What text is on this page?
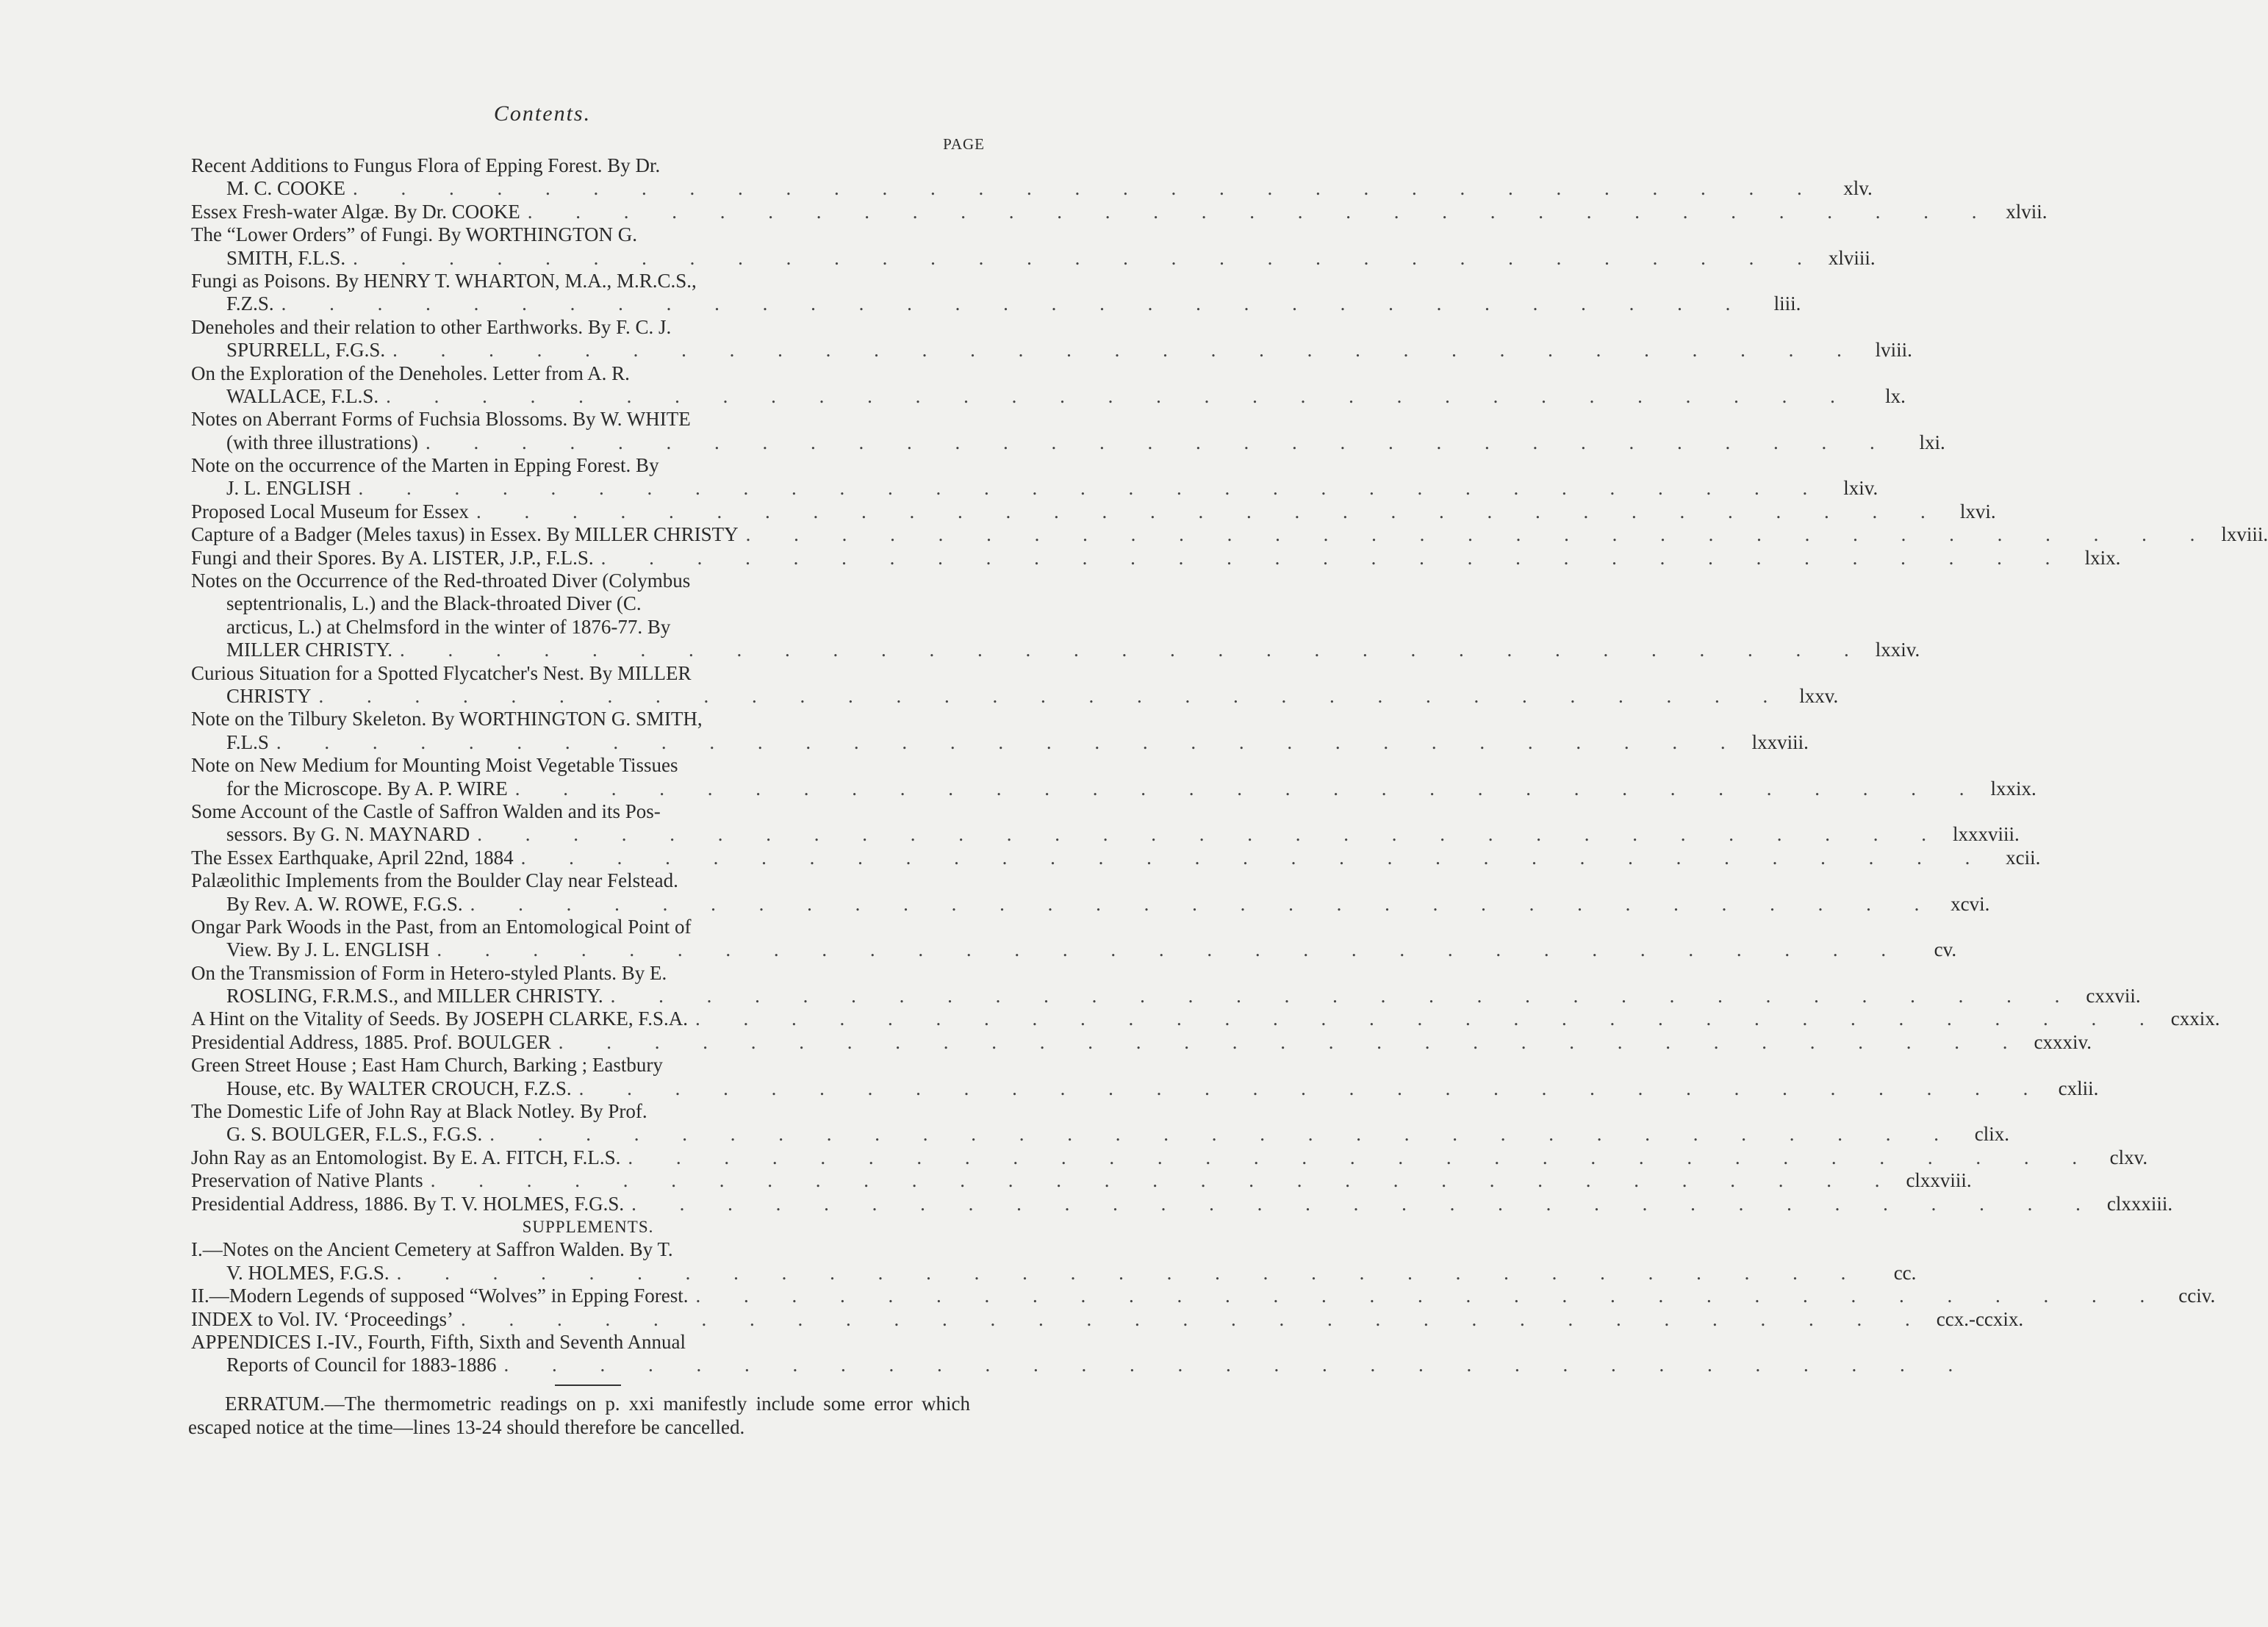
Contents.
PAGE
Recent Additions to Fungus Flora of Epping Forest. By Dr.
M. C. COOKE . . . . . . . . . . . . . . . . . . . . . . . . . . . . . . .	xlv.
Essex Fresh-water Algæ. By Dr. COOKE . . . . . . . . . . . . . . . . . . . . . . . . . . . . . . . xlvii.
The “Lower Orders” of Fungi. By WORTHINGTON G.
SMITH, F.L.S. . . . . . . . . . . . . . . . . . . . . . . . . . . . . . . . xlviii.
Fungi as Poisons. By HENRY T. WHARTON, M.A., M.R.C.S.,
F.Z.S. . . . . . . . . . . . . . . . . . . . . . . . . . . . . . . .	liii.
Deneholes and their relation to other Earthworks. By F. C. J.
SPURRELL, F.G.S. . . . . . . . . . . . . . . . . . . . . . . . . . . . . . . . lviii.
On the Exploration of the Deneholes. Letter from A. R.
WALLACE, F.L.S. . . . . . . . . . . . . . . . . . . . . . . . . . . . . . . .	lx.
Notes on Aberrant Forms of Fuchsia Blossoms. By W. WHITE
(with three illustrations) . . . . . . . . . . . . . . . . . . . . . . . . . . . . . . .	lxi.
Note on the occurrence of the Marten in Epping Forest. By
J. L. ENGLISH . . . . . . . . . . . . . . . . . . . . . . . . . . . . . . . lxiv.
Proposed Local Museum for Essex . . . . . . . . . . . . . . . . . . . . . . . . . . . . . . . lxvi.
Capture of a Badger (Meles taxus) in Essex. By MILLER CHRISTY . . . . . . . . . . . . . . . . . . . . . . . . . . . . . . . lxviii.
Fungi and their Spores. By A. LISTER, J.P., F.L.S. . . . . . . . . . . . . . . . . . . . . . . . . . . . . . . . lxix.
Notes on the Occurrence of the Red-throated Diver (Colymbus
septentrionalis, L.) and the Black-throated Diver (C.
arcticus, L.) at Chelmsford in the winter of 1876-77. By
MILLER CHRISTY. . . . . . . . . . . . . . . . . . . . . . . . . . . . . . . . lxxiv.
Curious Situation for a Spotted Flycatcher's Nest. By MILLER
CHRISTY . . . . . . . . . . . . . . . . . . . . . . . . . . . . . . . lxxv.
Note on the Tilbury Skeleton. By WORTHINGTON G. SMITH,
F.L.S . . . . . . . . . . . . . . . . . . . . . . . . . . . . . . . lxxviii.
Note on New Medium for Mounting Moist Vegetable Tissues
for the Microscope. By A. P. WIRE . . . . . . . . . . . . . . . . . . . . . . . . . . . . . . . lxxix.
Some Account of the Castle of Saffron Walden and its Pos-
sessors. By G. N. MAYNARD . . . . . . . . . . . . . . . . . . . . . . . . . . . . . . . lxxxviii.
The Essex Earthquake, April 22nd, 1884 . . . . . . . . . . . . . . . . . . . . . . . . . . . . . . . xcii.
Palæolithic Implements from the Boulder Clay near Felstead.
By Rev. A. W. ROWE, F.G.S. . . . . . . . . . . . . . . . . . . . . . . . . . . . . . . . xcvi.
Ongar Park Woods in the Past, from an Entomological Point of
View. By J. L. ENGLISH . . . . . . . . . . . . . . . . . . . . . . . . . . . . . . .	cv.
On the Transmission of Form in Hetero-styled Plants. By E.
ROSLING, F.R.M.S., and MILLER CHRISTY. . . . . . . . . . . . . . . . . . . . . . . . . . . . . . . . cxxvii.
A Hint on the Vitality of Seeds. By JOSEPH CLARKE, F.S.A. . . . . . . . . . . . . . . . . . . . . . . . . . . . . . . . cxxix.
Presidential Address, 1885. Prof. BOULGER . . . . . . . . . . . . . . . . . . . . . . . . . . . . . . . cxxxiv.
Green Street House ; East Ham Church, Barking ; Eastbury
House, etc. By WALTER CROUCH, F.Z.S. . . . . . . . . . . . . . . . . . . . . . . . . . . . . . . . cxlii.
The Domestic Life of John Ray at Black Notley. By Prof.
G. S. BOULGER, F.L.S., F.G.S. . . . . . . . . . . . . . . . . . . . . . . . . . . . . . . . clix.
John Ray as an Entomologist. By E. A. FITCH, F.L.S. . . . . . . . . . . . . . . . . . . . . . . . . . . . . . . . clxv.
Preservation of Native Plants . . . . . . . . . . . . . . . . . . . . . . . . . . . . . . . clxxviii.
Presidential Address, 1886. By T. V. HOLMES, F.G.S. . . . . . . . . . . . . . . . . . . . . . . . . . . . . . . . clxxxiii.
SUPPLEMENTS.
I.—Notes on the Ancient Cemetery at Saffron Walden. By T.
V. HOLMES, F.G.S. . . . . . . . . . . . . . . . . . . . . . . . . . . . . . . .	cc.
II.—Modern Legends of supposed “Wolves” in Epping Forest. . . . . . . . . . . . . . . . . . . . . . . . . . . . . . . . cciv.
INDEX to Vol. IV. ‘Proceedings’ . . . . . . . . . . . . . . . . . . . . . . . . . . . . . . . ccx.-ccxix.
APPENDICES I.-IV., Fourth, Fifth, Sixth and Seventh Annual
Reports of Council for 1883-1886 . . . . . . . . . . . . . . . . . . . . . . . . . . . . . . .
ERRATUM.—The thermometric readings on p. xxi manifestly include some error which escaped notice at the time—lines 13-24 should therefore be cancelled.
